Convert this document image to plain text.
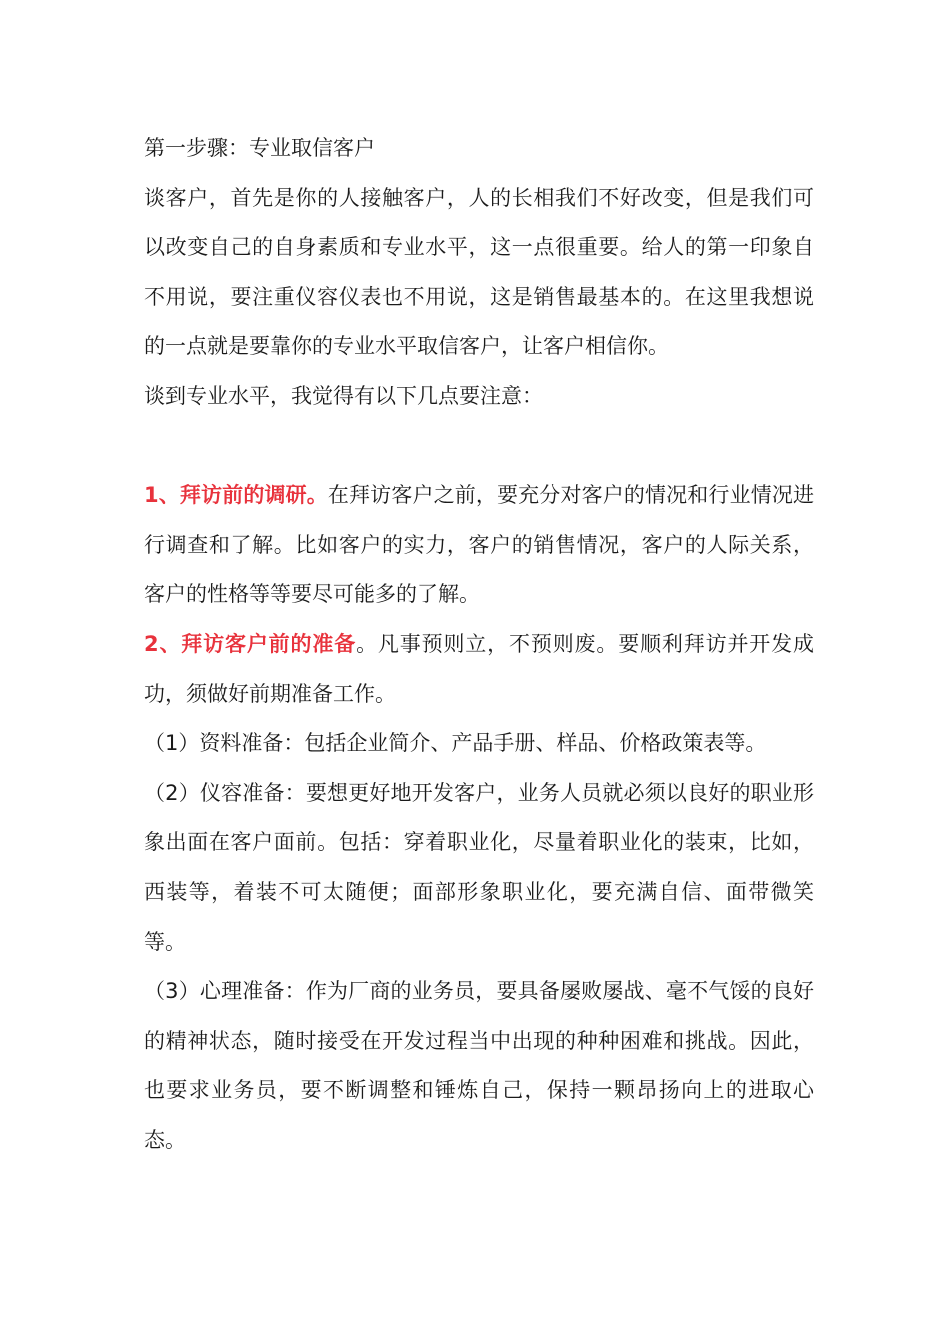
第一步骤：专业取信客户

谈客户，首先是你的人接触客户，人的长相我们不好改变，但是我们可以改变自己的自身素质和专业水平，这一点很重要。给人的第一印象自不用说，要注重仪容仪表也不用说，这是销售最基本的。在这里我想说的一点就是要靠你的专业水平取信客户，让客户相信你。

谈到专业水平，我觉得有以下几点要注意：

1、拜访前的调研。在拜访客户之前，要充分对客户的情况和行业情况进行调查和了解。比如客户的实力，客户的销售情况，客户的人际关系，客户的性格等等要尽可能多的了解。

2、拜访客户前的准备。凡事预则立，不预则废。要顺利拜访并开发成功，须做好前期准备工作。

（1）资料准备：包括企业简介、产品手册、样品、价格政策表等。

（2）仪容准备：要想更好地开发客户，业务人员就必须以良好的职业形象出面在客户面前。包括：穿着职业化，尽量着职业化的装束，比如，西装等，着装不可太随便；面部形象职业化，要充满自信、面带微笑等。

（3）心理准备：作为厂商的业务员，要具备屡败屡战、毫不气馁的良好的精神状态，随时接受在开发过程当中出现的种种困难和挑战。因此，也要求业务员，要不断调整和锤炼自己，保持一颗昂扬向上的进取心态。
